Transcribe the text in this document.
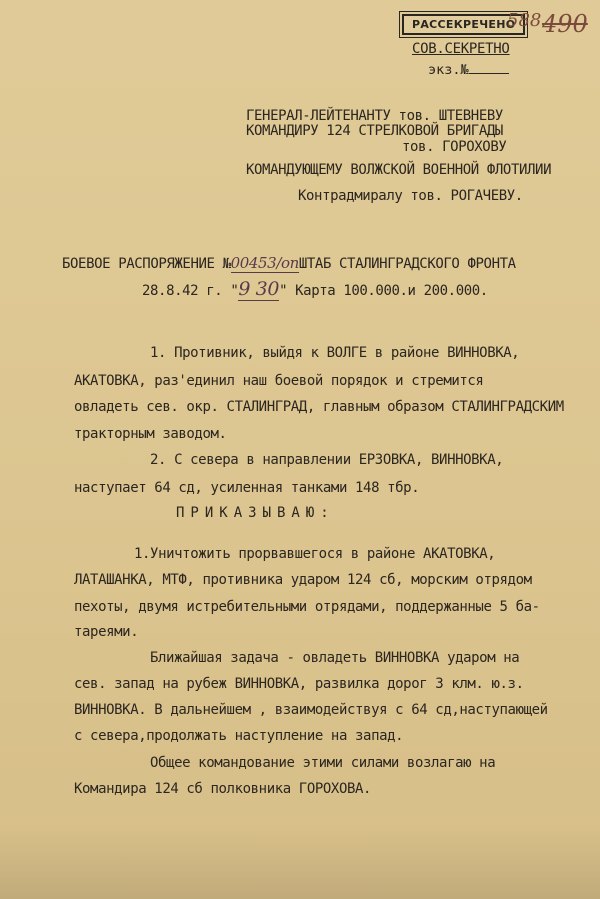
РАССЕКРЕЧЕНО
588 490
СОВ.СЕКРЕТНО
экз.№
ГЕНЕРАЛ-ЛЕЙТЕНАНТУ тов. ШТЕВНЕВУ
КОМАНДИРУ 124 СТРЕЛКОВОЙ БРИГАДЫ
тов. ГОРОХОВУ
КОМАНДУЮЩЕМУ ВОЛЖСКОЙ ВОЕННОЙ ФЛОТИЛИИ
Контрадмиралу тов. РОГАЧЕВУ.
БОЕВОЕ РАСПОРЯЖЕНИЕ №00453/опШТАБ СТАЛИНГРАДСКОГО ФРОНТА
28.8.42 г. "9 30" Карта 100.000.и 200.000.
1. Противник, выйдя к ВОЛГЕ в районе ВИННОВКА,
АКАТОВКА, раз'единил наш боевой порядок и стремится
овладеть сев. окр. СТАЛИНГРАД, главным образом СТАЛИНГРАДСКИМ
тракторным заводом.
2. С севера в направлении ЕРЗОВКА, ВИННОВКА,
наступает 64 сд, усиленная танками 148 тбр.
ПРИКАЗЫВАЮ:
1.Уничтожить прорвавшегося в районе АКАТОВКА,
ЛАТАШАНКА, МТФ, противника ударом 124 сб, морским отрядом
пехоты, двумя истребительными отрядами, поддержанные 5 ба-
тареями.
Ближайшая задача - овладеть ВИННОВКА ударом на
сев. запад на рубеж ВИННОВКА, развилка дорог 3 клм. ю.з.
ВИННОВКА. В дальнейшем , взаимодействуя с 64 сд,наступающей
с севера,продолжать наступление на запад.
Общее командование этими силами возлагаю на
Командира 124 сб полковника ГОРОХОВА.
